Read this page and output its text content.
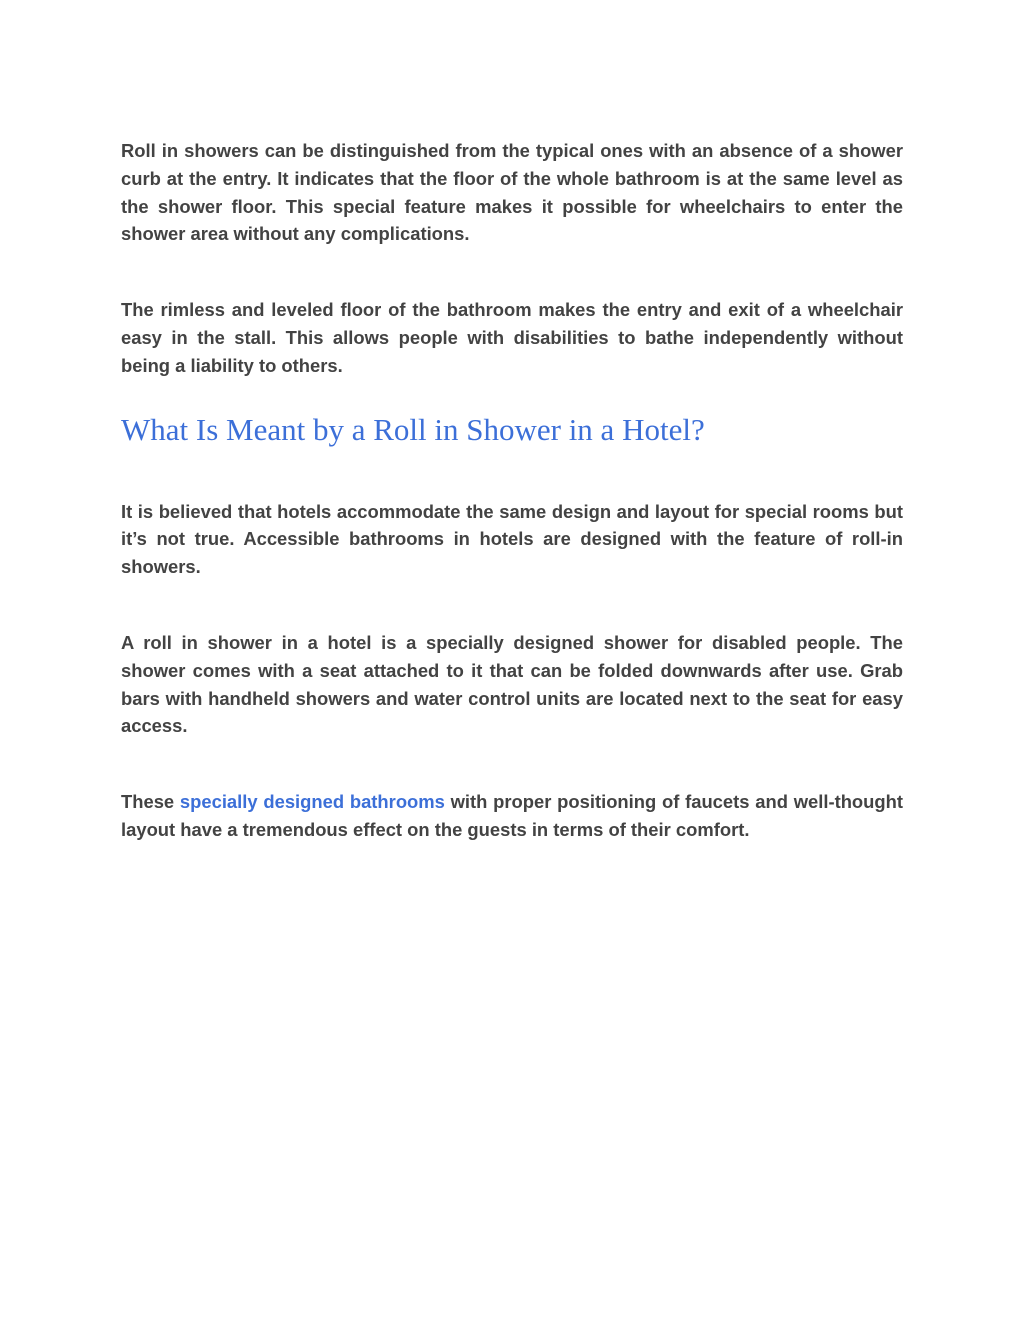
Roll in showers can be distinguished from the typical ones with an absence of a shower curb at the entry. It indicates that the floor of the whole bathroom is at the same level as the shower floor. This special feature makes it possible for wheelchairs to enter the shower area without any complications.

The rimless and leveled floor of the bathroom makes the entry and exit of a wheelchair easy in the stall. This allows people with disabilities to bathe independently without being a liability to others.

What Is Meant by a Roll in Shower in a Hotel?

It is believed that hotels accommodate the same design and layout for special rooms but it’s not true. Accessible bathrooms in hotels are designed with the feature of roll-in showers.

A roll in shower in a hotel is a specially designed shower for disabled people. The shower comes with a seat attached to it that can be folded downwards after use. Grab bars with handheld showers and water control units are located next to the seat for easy access.

These specially designed bathrooms with proper positioning of faucets and well-thought layout have a tremendous effect on the guests in terms of their comfort.
